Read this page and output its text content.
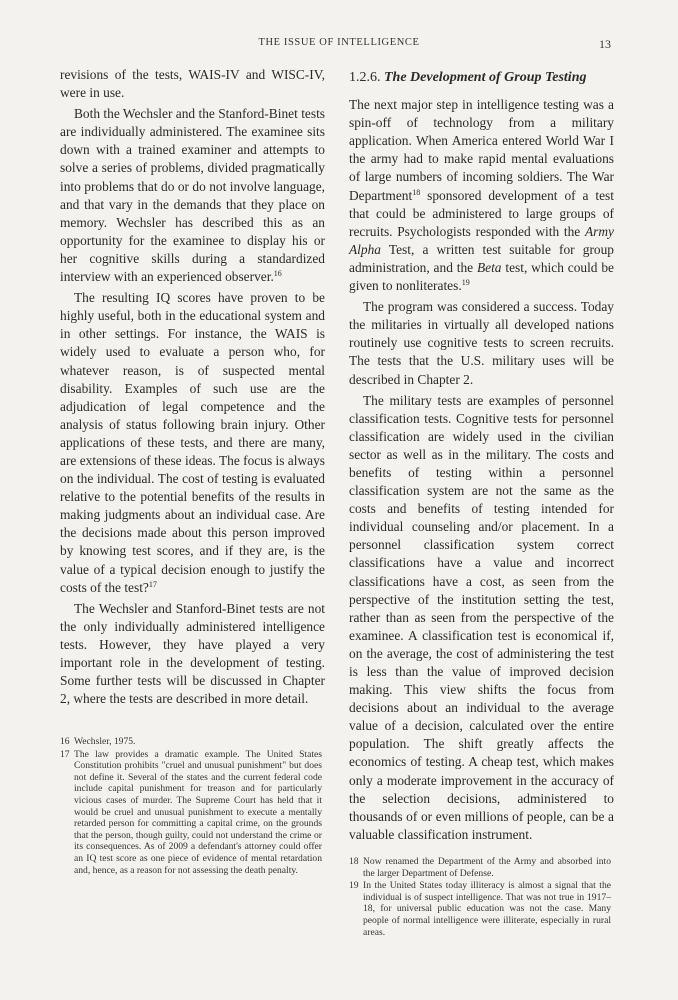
THE ISSUE OF INTELLIGENCE	13

revisions of the tests, WAIS-IV and WISC-IV, were in use.

Both the Wechsler and the Stanford-Binet tests are individually administered. The examinee sits down with a trained examiner and attempts to solve a series of problems, divided pragmatically into problems that do or do not involve language, and that vary in the demands that they place on memory. Wechsler has described this as an opportunity for the examinee to display his or her cognitive skills during a standardized interview with an experienced observer.$^{16}$

The resulting IQ scores have proven to be highly useful, both in the educational system and in other settings. For instance, the WAIS is widely used to evaluate a person who, for whatever reason, is of suspected mental disability. Examples of such use are the adjudication of legal competence and the analysis of status following brain injury. Other applications of these tests, and there are many, are extensions of these ideas. The focus is always on the individual. The cost of testing is evaluated relative to the potential benefits of the results in making judgments about an individual case. Are the decisions made about this person improved by knowing test scores, and if they are, is the value of a typical decision enough to justify the costs of the test?$^{17}$

The Wechsler and Stanford-Binet tests are not the only individually administered intelligence tests. However, they have played a very important role in the development of testing. Some further tests will be discussed in Chapter 2, where the tests are described in more detail.

1.2.6. The Development of Group Testing

The next major step in intelligence testing was a spin-off of technology from a military application. When America entered World War I the army had to make rapid mental evaluations of large numbers of incoming soldiers. The War Department$^{18}$ sponsored development of a test that could be administered to large groups of recruits. Psychologists responded with the Army Alpha Test, a written test suitable for group administration, and the Beta test, which could be given to nonliterates.$^{19}$

The program was considered a success. Today the militaries in virtually all developed nations routinely use cognitive tests to screen recruits. The tests that the U.S. military uses will be described in Chapter 2.

The military tests are examples of personnel classification tests. Cognitive tests for personnel classification are widely used in the civilian sector as well as in the military. The costs and benefits of testing within a personnel classification system are not the same as the costs and benefits of testing intended for individual counseling and/or placement. In a personnel classification system correct classifications have a value and incorrect classifications have a cost, as seen from the perspective of the institution setting the test, rather than as seen from the perspective of the examinee. A classification test is economical if, on the average, the cost of administering the test is less than the value of improved decision making. This view shifts the focus from decisions about an individual to the average value of a decision, calculated over the entire population. The shift greatly affects the economics of testing. A cheap test, which makes only a moderate improvement in the accuracy of the selection decisions, administered to thousands of or even millions of people, can be a valuable classification instrument.

16 Wechsler, 1975.

17 The law provides a dramatic example. The United States Constitution prohibits "cruel and unusual punishment" but does not define it. Several of the states and the current federal code include capital punishment for treason and for particularly vicious cases of murder. The Supreme Court has held that it would be cruel and unusual punishment to execute a mentally retarded person for committing a capital crime, on the grounds that the person, though guilty, could not understand the crime or its consequences. As of 2009 a defendant's attorney could offer an IQ test score as one piece of evidence of mental retardation and, hence, as a reason for not assessing the death penalty.

18 Now renamed the Department of the Army and absorbed into the larger Department of Defense.

19 In the United States today illiteracy is almost a signal that the individual is of suspect intelligence. That was not true in 1917–18, for universal public education was not the case. Many people of normal intelligence were illiterate, especially in rural areas.
